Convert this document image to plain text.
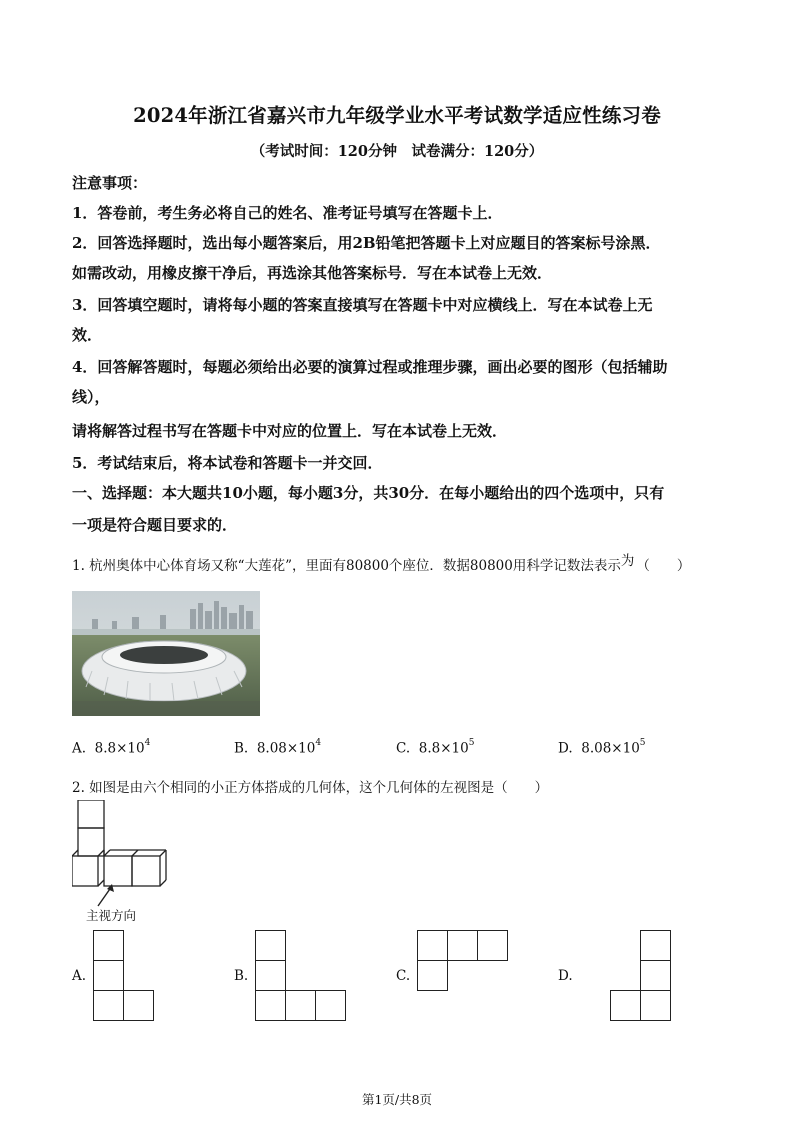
2024年浙江省嘉兴市九年级学业水平考试数学适应性练习卷
（考试时间：120分钟　试卷满分：120分）
注意事项：
1．答卷前，考生务必将自己的姓名、准考证号填写在答题卡上．
2．回答选择题时，选出每小题答案后，用2B铅笔把答题卡上对应题目的答案标号涂黑．
如需改动，用橡皮擦干净后，再选涂其他答案标号．写在本试卷上无效．
3．回答填空题时，请将每小题的答案直接填写在答题卡中对应横线上．写在本试卷上无
效．
4．回答解答题时，每题必须给出必要的演算过程或推理步骤，画出必要的图形（包括辅助
线），
请将解答过程书写在答题卡中对应的位置上．写在本试卷上无效．
5．考试结束后，将本试卷和答题卡一并交回．
一、选择题：本大题共10小题，每小题3分，共30分．在每小题给出的四个选项中，只有
一项是符合题目要求的．
1. 杭州奥体中心体育场又称“大莲花”，里面有80800个座位．数据80800用科学记数法表示为 （　　）
A. $8.8\times 10^4$	B. $8.08\times 10^4$	C. $8.8\times 10^5$	D. $8.08\times 10^5$
2. 如图是由六个相同的小正方体搭成的几何体，这个几何体的左视图是（　　）
主视方向
A.	B.	C.	D.
第1页/共8页
